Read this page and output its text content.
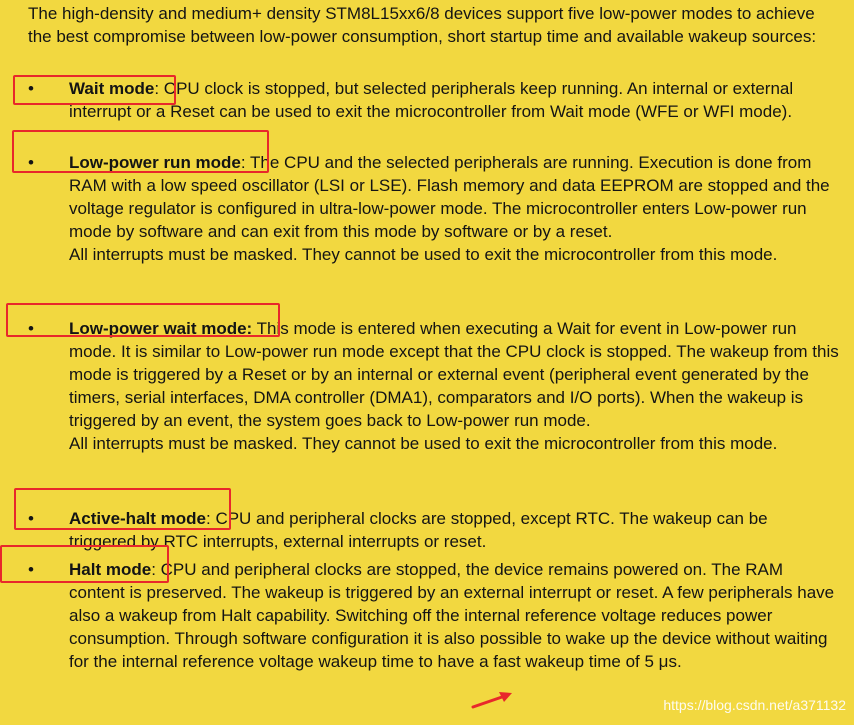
The high-density and medium+ density STM8L15xx6/8 devices support five low-power modes to achieve the best compromise between low-power consumption, short startup time and available wakeup sources:

• Wait mode: CPU clock is stopped, but selected peripherals keep running. An internal or external interrupt or a Reset can be used to exit the microcontroller from Wait mode (WFE or WFI mode).

• Low-power run mode: The CPU and the selected peripherals are running. Execution is done from RAM with a low speed oscillator (LSI or LSE). Flash memory and data EEPROM are stopped and the voltage regulator is configured in ultra-low-power mode. The microcontroller enters Low-power run mode by software and can exit from this mode by software or by a reset.

All interrupts must be masked. They cannot be used to exit the microcontroller from this mode.

• Low-power wait mode: This mode is entered when executing a Wait for event in Low-power run mode. It is similar to Low-power run mode except that the CPU clock is stopped. The wakeup from this mode is triggered by a Reset or by an internal or external event (peripheral event generated by the timers, serial interfaces, DMA controller (DMA1), comparators and I/O ports). When the wakeup is triggered by an event, the system goes back to Low-power run mode.

All interrupts must be masked. They cannot be used to exit the microcontroller from this mode.

• Active-halt mode: CPU and peripheral clocks are stopped, except RTC. The wakeup can be triggered by RTC interrupts, external interrupts or reset.

• Halt mode: CPU and peripheral clocks are stopped, the device remains powered on. The RAM content is preserved. The wakeup is triggered by an external interrupt or reset. A few peripherals have also a wakeup from Halt capability. Switching off the internal reference voltage reduces power consumption. Through software configuration it is also possible to wake up the device without waiting for the internal reference voltage wakeup time to have a fast wakeup time of 5 μs.

https://blog.csdn.net/a371132
